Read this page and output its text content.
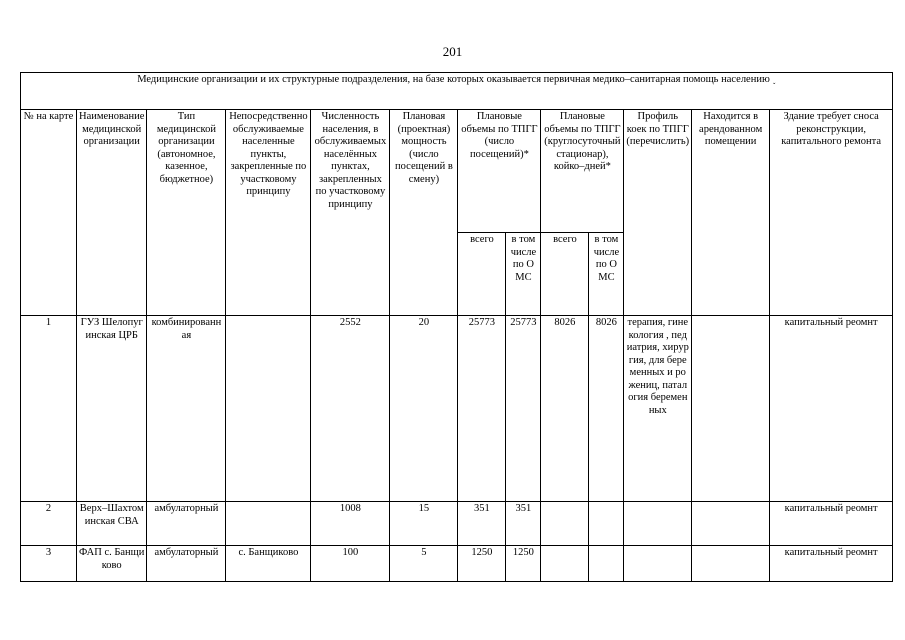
201
Медицинские организации и их структурные подразделения, на базе которых оказывается первичная медико–санитарная помощь населению ˯												
№ на карте	Наименование медицинской организации	Тип медицинской организации (автономное, казенное, бюджетное)	Непосредственно обслуживаемые населенные пункты, закрепленные по участковому принципу	Численность населения, в обслуживаемых населённых пунктах, закрепленных по участковому принципу	Плановая (проектная) мощность (число посещений в смену)	Плановые объемы по ТПГГ (число посещений)*		Плановые объемы по ТПГГ (круглосуточный стационар), койко–дней*		Профиль коек по ТПГГ (перечислить)	Находится в арендованном помещении	Здание требует сноса реконструкции, капитального ремонта
						всего	в том числе по ОМС	всего	в том числе по ОМС			
1	ГУЗ Шелопугинская ЦРБ	комбинированная		2552	20	25773	25773	8026	8026	терапия, гинекология , педиатрия, хирургия, для беременных и рожениц, паталогия беременных		капитальный реомнт
2	Верх–Шахтоминская СВА	амбулаторный		1008	15	351	351					капитальный реомнт
3	ФАП с. Банщиково	амбулаторный	с. Банщиково	100	5	1250	1250					капитальный реомнт
